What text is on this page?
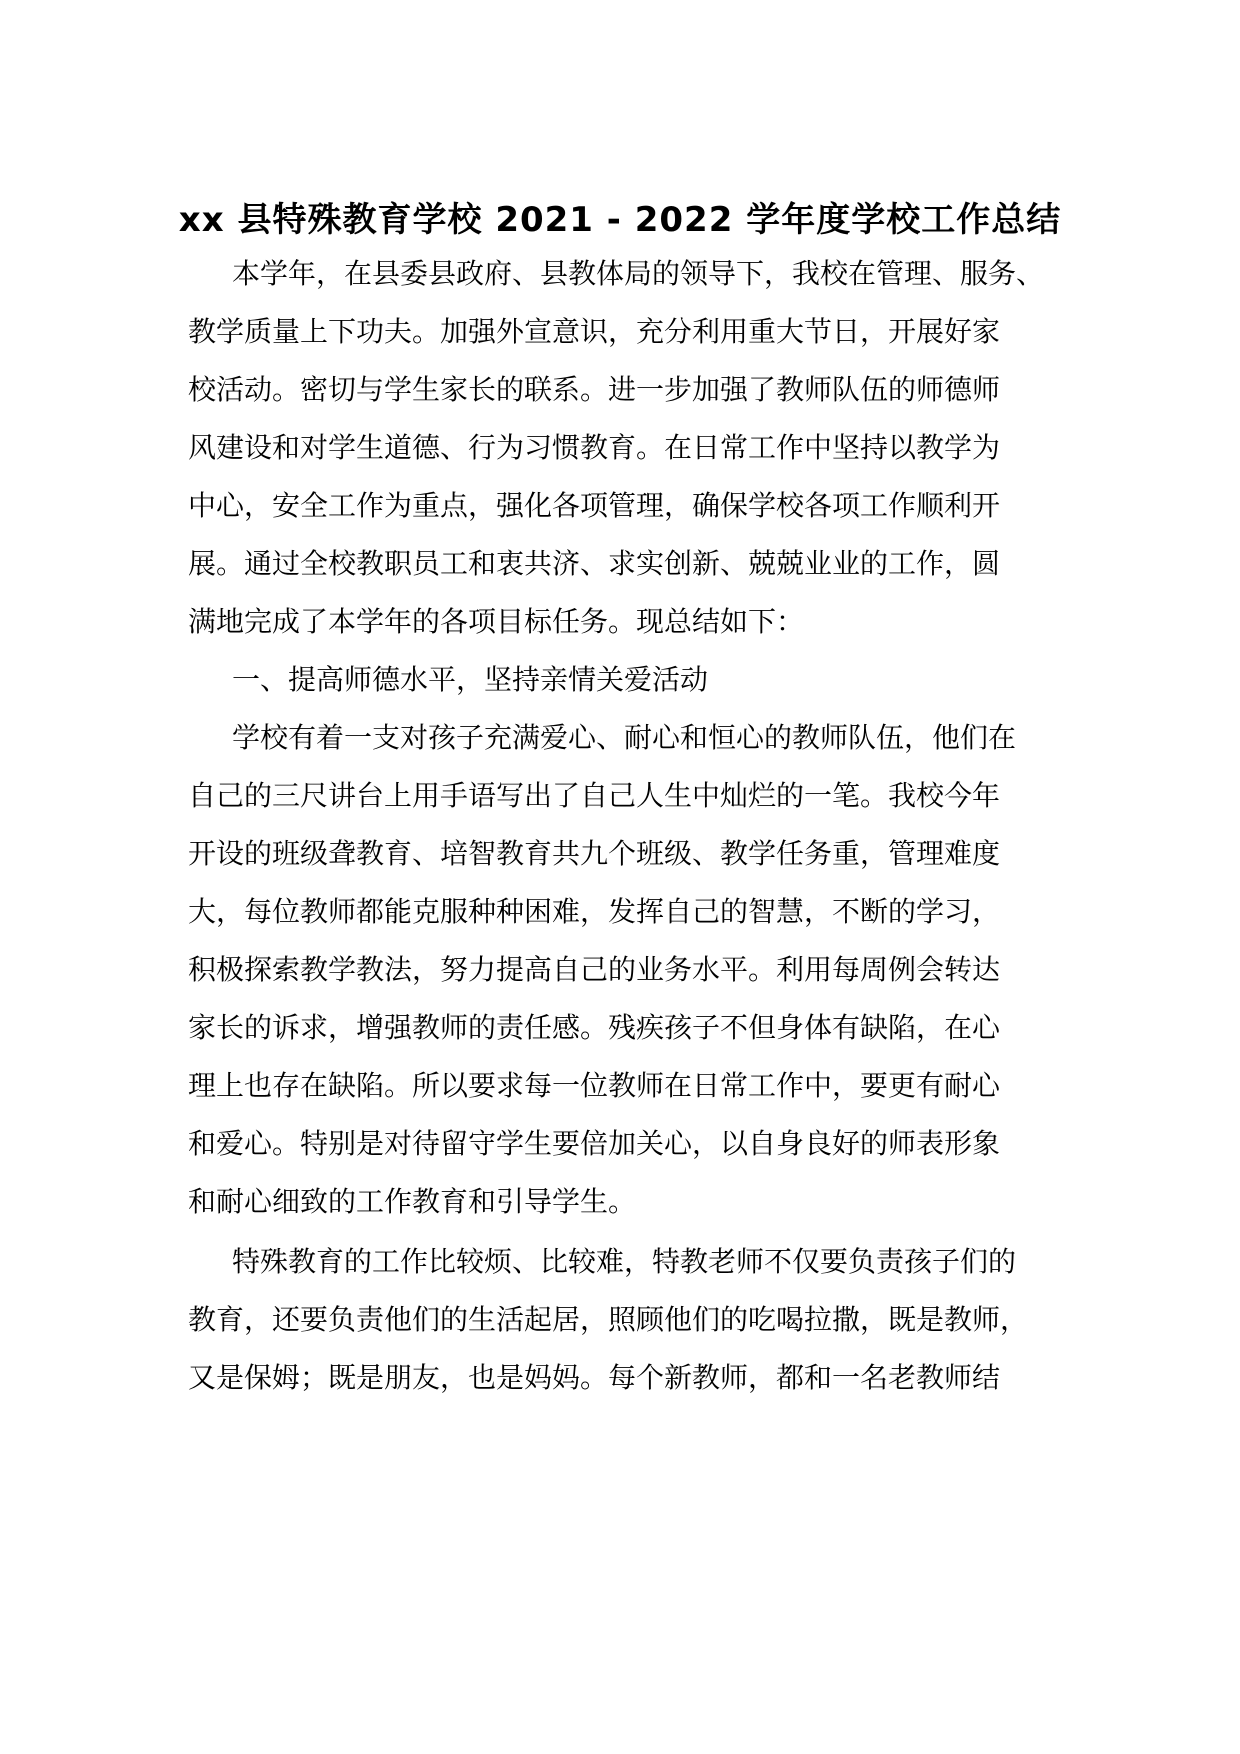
xx 县特殊教育学校 2021 - 2022 学年度学校工作总结
本学年，在县委县政府、县教体局的领导下，我校在管理、服务、
教学质量上下功夫。加强外宣意识，充分利用重大节日，开展好家
校活动。密切与学生家长的联系。进一步加强了教师队伍的师德师
风建设和对学生道德、行为习惯教育。在日常工作中坚持以教学为
中心，安全工作为重点，强化各项管理，确保学校各项工作顺利开
展。通过全校教职员工和衷共济、求实创新、兢兢业业的工作，圆
满地完成了本学年的各项目标任务。现总结如下：
一、提高师德水平，坚持亲情关爱活动
学校有着一支对孩子充满爱心、耐心和恒心的教师队伍，他们在
自己的三尺讲台上用手语写出了自己人生中灿烂的一笔。我校今年
开设的班级聋教育、培智教育共九个班级、教学任务重，管理难度
大，每位教师都能克服种种困难，发挥自己的智慧，不断的学习，
积极探索教学教法，努力提高自己的业务水平。利用每周例会转达
家长的诉求，增强教师的责任感。残疾孩子不但身体有缺陷，在心
理上也存在缺陷。所以要求每一位教师在日常工作中，要更有耐心
和爱心。特别是对待留守学生要倍加关心，以自身良好的师表形象
和耐心细致的工作教育和引导学生。
特殊教育的工作比较烦、比较难，特教老师不仅要负责孩子们的
教育，还要负责他们的生活起居，照顾他们的吃喝拉撒，既是教师，
又是保姆；既是朋友，也是妈妈。每个新教师，都和一名老教师结
